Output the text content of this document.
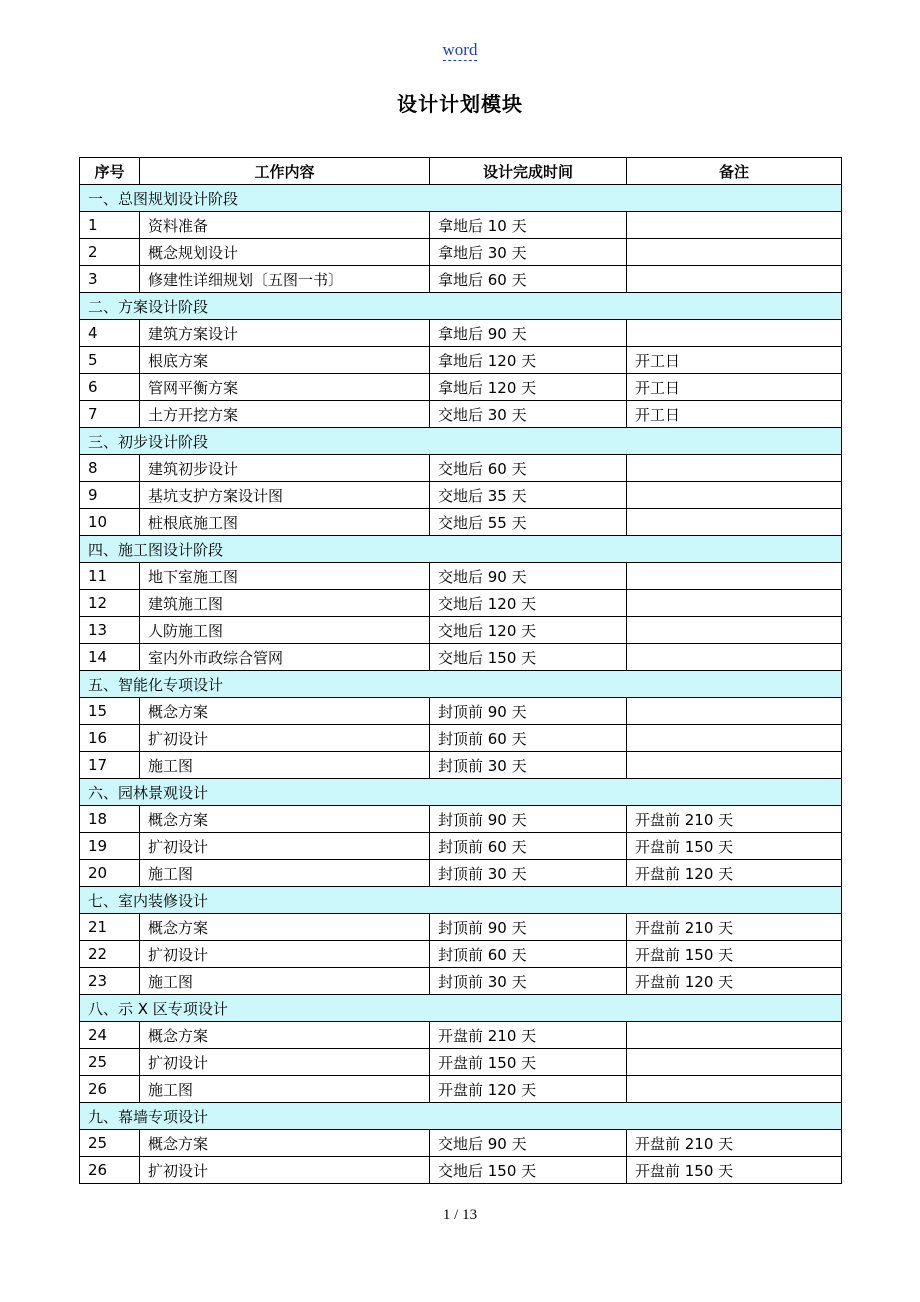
word
设计计划模块
序号	工作内容	设计完成时间	备注
一、总图规划设计阶段			
1	资料准备	拿地后 10 天	
2	概念规划设计	拿地后 30 天	
3	修建性详细规划〔五图一书〕	拿地后 60 天	
二、方案设计阶段			
4	建筑方案设计	拿地后 90 天	
5	根底方案	拿地后 120 天	开工日
6	管网平衡方案	拿地后 120 天	开工日
7	土方开挖方案	交地后 30 天	开工日
三、初步设计阶段			
8	建筑初步设计	交地后 60 天	
9	基坑支护方案设计图	交地后 35 天	
10	桩根底施工图	交地后 55 天	
四、施工图设计阶段			
11	地下室施工图	交地后 90 天	
12	建筑施工图	交地后 120 天	
13	人防施工图	交地后 120 天	
14	室内外市政综合管网	交地后 150 天	
五、智能化专项设计			
15	概念方案	封顶前 90 天	
16	扩初设计	封顶前 60 天	
17	施工图	封顶前 30 天	
六、园林景观设计			
18	概念方案	封顶前 90 天	开盘前 210 天
19	扩初设计	封顶前 60 天	开盘前 150 天
20	施工图	封顶前 30 天	开盘前 120 天
七、室内装修设计			
21	概念方案	封顶前 90 天	开盘前 210 天
22	扩初设计	封顶前 60 天	开盘前 150 天
23	施工图	封顶前 30 天	开盘前 120 天
八、示 X 区专项设计			
24	概念方案	开盘前 210 天	
25	扩初设计	开盘前 150 天	
26	施工图	开盘前 120 天	
九、幕墙专项设计			
25	概念方案	交地后 90 天	开盘前 210 天
26	扩初设计	交地后 150 天	开盘前 150 天
1 / 13
